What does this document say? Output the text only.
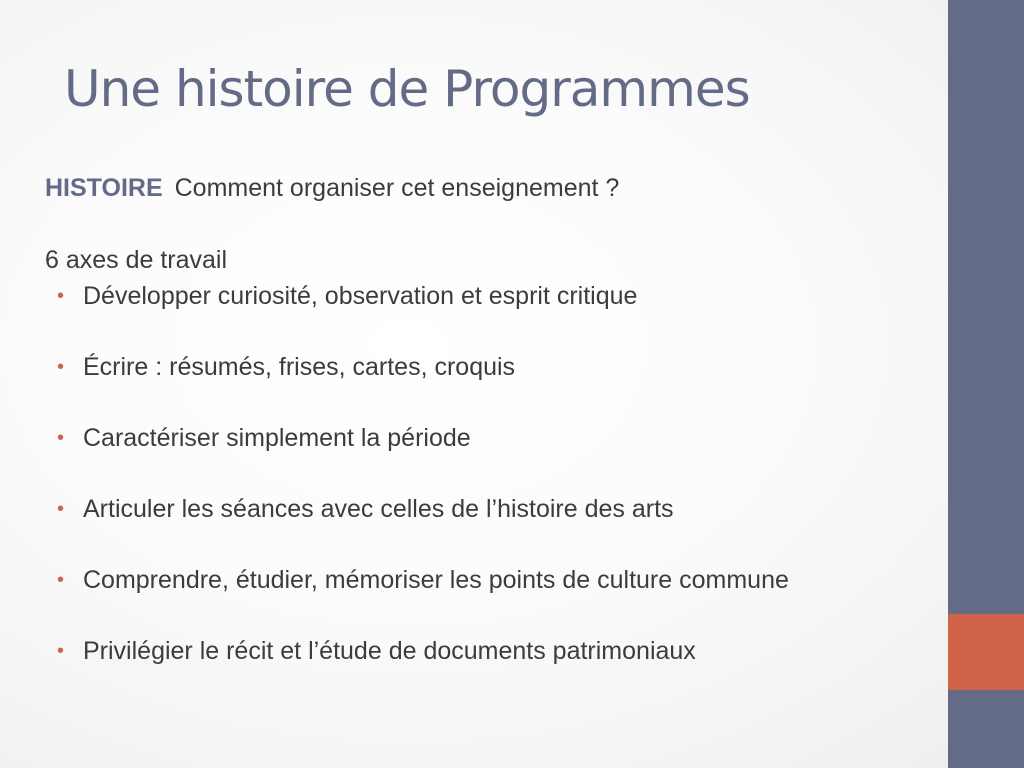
Une histoire de Programmes
HISTOIRE Comment organiser cet enseignement ?
6 axes de travail
• Développer curiosité, observation et esprit critique
• Écrire : résumés, frises, cartes, croquis
• Caractériser simplement la période
• Articuler les séances avec celles de l’histoire des arts
• Comprendre, étudier, mémoriser les points de culture commune
• Privilégier le récit et l’étude de documents patrimoniaux
